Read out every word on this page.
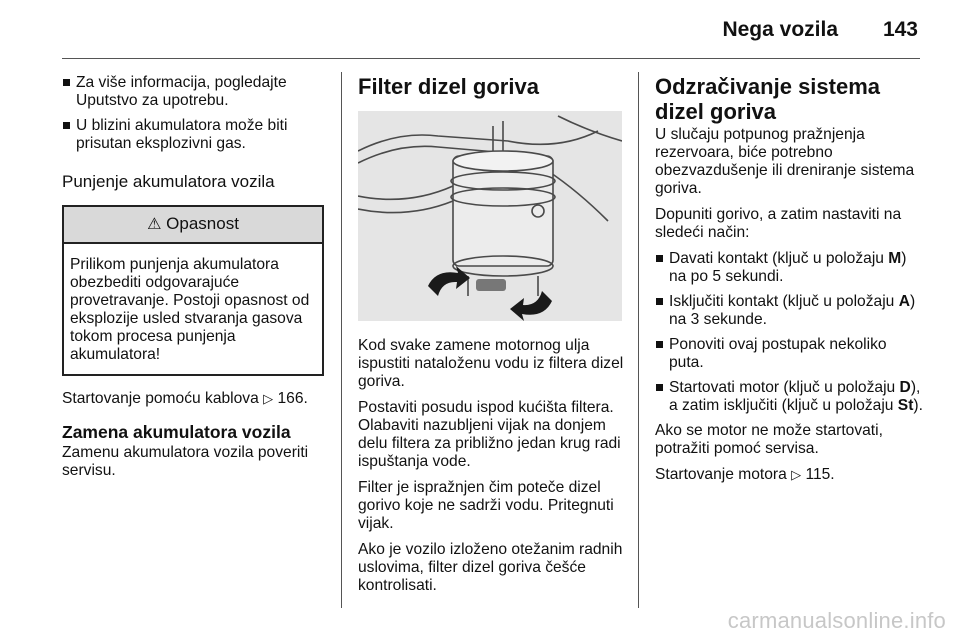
Nega vozila 143
Za više informacija, pogledajte Uputstvo za upotrebu.
U blizini akumulatora može biti prisutan eksplozivni gas.
Punjenje akumulatora vozila
⚠ Opasnost
Prilikom punjenja akumulatora obezbediti odgovarajuće provetravanje. Postoji opasnost od eksplozije usled stvaranja gasova tokom procesa punjenja akumulatora!

Startovanje pomoću kablova ▷ 166.

Zamena akumulatora vozila

Zamenu akumulatora vozila poveriti servisu.

Filter dizel goriva

Kod svake zamene motornog ulja ispustiti nataloženu vodu iz filtera dizel goriva.

Postaviti posudu ispod kućišta filtera. Olabaviti nazubljeni vijak na donjem delu filtera za približno jedan krug radi ispuštanja vode.

Filter je ispražnjen čim poteče dizel gorivo koje ne sadrži vodu. Pritegnuti vijak.

Ako je vozilo izloženo otežanim radnih uslovima, filter dizel goriva češće kontrolisati.

Odzračivanje sistema dizel goriva

U slučaju potpunog pražnjenja rezervoara, biće potrebno obezvazdušenje ili dreniranje sistema goriva.

Dopuniti gorivo, a zatim nastaviti na sledeći način:

Davati kontakt (ključ u položaju M) na po 5 sekundi.
Isključiti kontakt (ključ u položaju A) na 3 sekunde.
Ponoviti ovaj postupak nekoliko puta.
Startovati motor (ključ u položaju D), a zatim isključiti (ključ u položaju St).

Ako se motor ne može startovati, potražiti pomoć servisa.

Startovanje motora ▷ 115.

carmanualsonline.info
